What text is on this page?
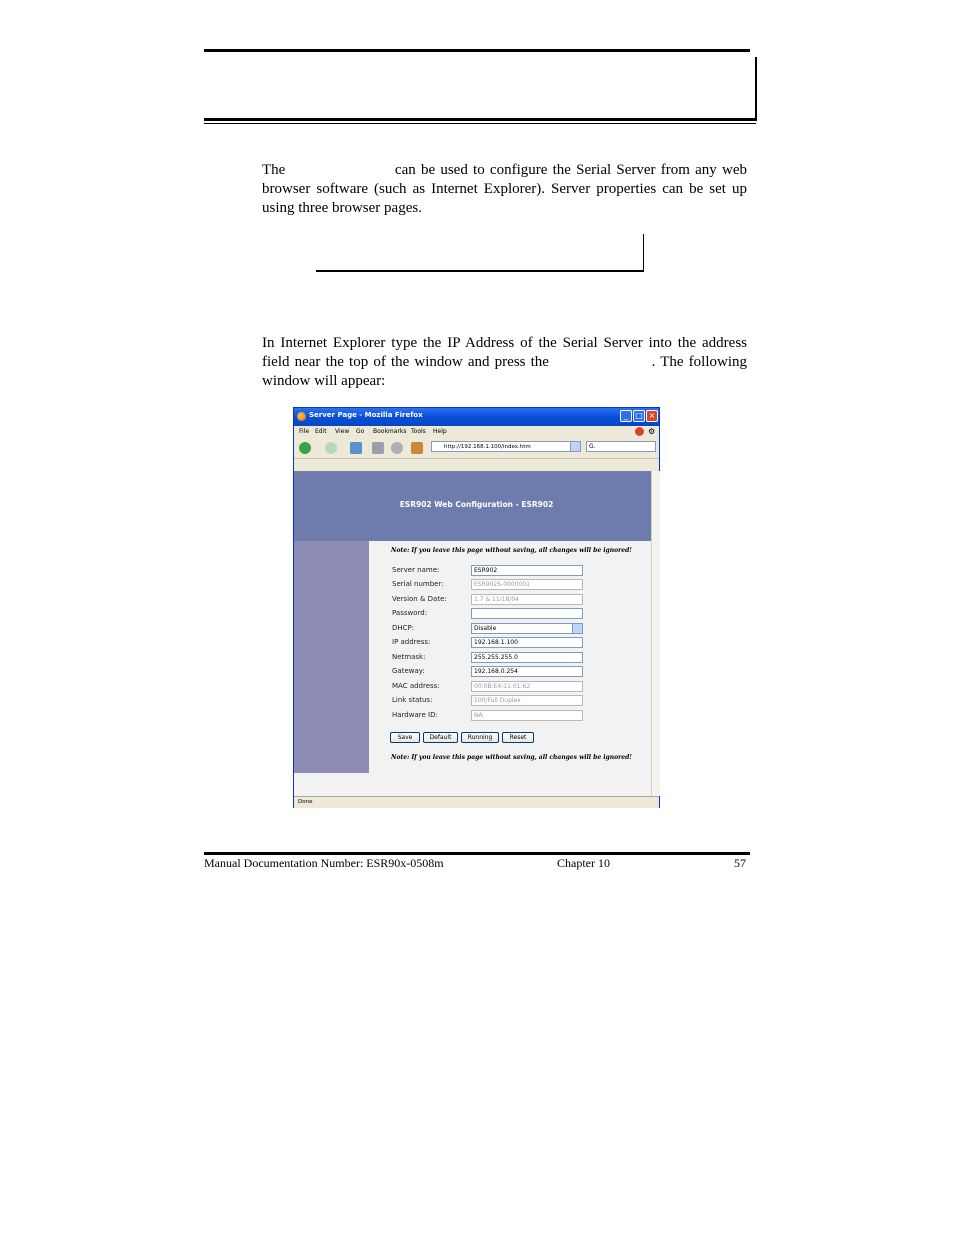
The                     can be used to configure the Serial Server from any web
browser software (such as Internet Explorer). Server properties can be set up
using three browser pages.
In Internet Explorer type the IP Address of the Serial Server into the address
field near the top of the window and press the                    . The following
window will appear:
Server Page - Mozilla Firefox	_ □ ×
File Edit View Go Bookmarks Tools Help	⚙
http://192.168.1.100/index.htm	G.
ESR902 Web Configuration - ESR902
Server
Serial Port
Operation
Note: If you leave this page without saving, all changes will be ignored!
Server name:	ESR902
Serial number:	ESR902S-0000001
Version & Date:	1.7 & 11/18/04
Password:
DHCP:	Disable
IP address:	192.168.1.100
Netmask:	255.255.255.0
Gateway:	192.168.0.254
MAC address:	00:0B:E4:11:01:62
Link status:	100/Full Duplex
Hardware ID:	NA
Save	Default	Running	Reset
Note: If you leave this page without saving, all changes will be ignored!
Done
Manual Documentation Number: ESR90x-0508m	Chapter 10	57
